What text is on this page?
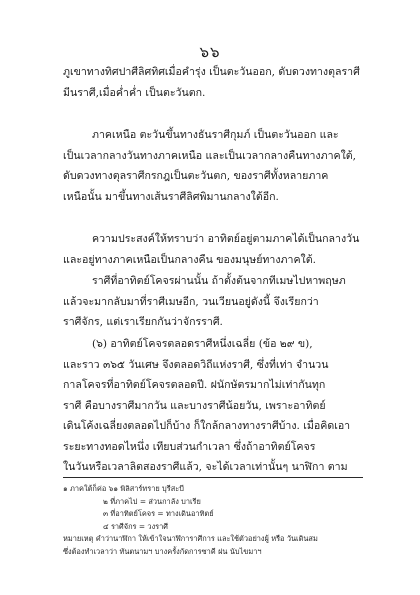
๖๖
ภูเขาทางทิศปาศีลิศทิศเมื่อคำรุ่ง เป็นตะวันออก, ดับดวงทางตุลราศี
มีนราศี,เมื่อค่ำค่ำ เป็นตะวันตก.
ภาคเหนือ ตะวันขึ้นทางธันราศีกุมภ์ เป็นตะวันออก และ
เป็นเวลากลางวันทางภาคเหนือ และเป็นเวลากลางคืนทางภาคใต้,
ดับดวงทางตุลราศีกรกฎเป็นตะวันตก, ของราศีทั้งหลายภาค
เหนือนั้น มาขึ้นทางเส้นราศีลิศพิมานกลางใต้อีก.
ความประสงค์ให้ทราบว่า อาทิตย์อยู่ตามภาคได้เป็นกลางวัน
และอยู่ทางภาคเหนือเป็นกลางคืน ของมนุษย์ทางภาคใต้.
ราศีที่อาทิตย์โคจรผ่านนั้น ถ้าตั้งต้นจากทีเมษไปหาพฤษภ
แล้วจะมากลับมาที่ราศีเมษอีก, วนเวียนอยู่ดังนี้ จึงเรียกว่า
ราศีจักร, แต่เราเรียกกันว่าจักรราศี.
(๖) อาทิตย์โคจรตลอดราศีหนึ่งเฉลี่ย (ข้อ ๒๙ ข),
และราว ๓๖๕ วันเศษ จึงตลอดวิถีแห่งราศี, ซึ่งที่เท่า จำนวน
กาลโคจรที่อาทิตย์โคจรตลอดปี. ฝนักษัตรมากไม่เท่ากันทุก
ราศี คือบางราศีมากวัน และบางราศีน้อยวัน, เพราะอาทิตย์
เดินโค้งเฉลี่ยงตลอดไปก็บ้าง ก็ใกล้กลางทางราศีบ้าง. เมื่อคิดเอา
ระยะทางทอดไหนึ่ง เทียบส่วนกำเวลา ซึ่งถ้าอาทิตย์โคจร
ในวันหรือเวลาลิตสองราศีแล้ว, จะได้เวลาเท่านั้นๆ นาฬิกา ตาม
๑ ภาคใต้ก็ค่อ ๖๑ พิลิสาร์ทราย บุรีสะบี
๒ ที่ภาคไป = ส่วนกาลัง บาเรีย
๓ ที่อาทิตย์โคจร = ทางเดินอาทิตย์
๔ ราศีจักร = วงราศี
หมายเหตุ คำว่านาฬิกา ให้เข้าใจนาฬิการาศีการ และใช้ตัวอย่างผู้ หรือ วันเดินสม
ซึ่งต้องทำเวลาว่า ทันตนามฯ บางครั้งกัดการซาคี ฝน นับไขมาฯ
